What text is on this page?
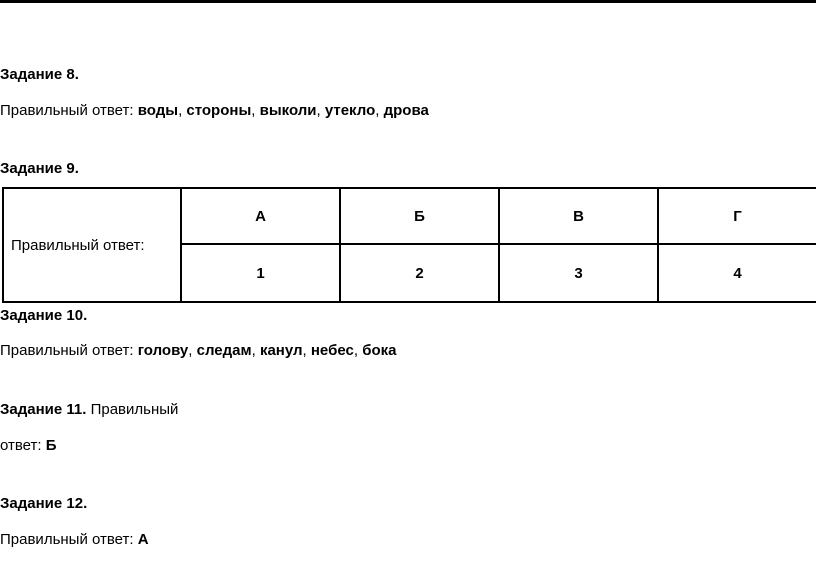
Задание 8.
Правильный ответ: воды, стороны, выколи, утекло, дрова
Задание 9.
Правильный ответ:	А	Б	В	Г
	1	2	3	4
Задание 10.
Правильный ответ: голову, следам, канул, небес, бока
Задание 11. Правильный
ответ: Б
Задание 12.
Правильный ответ: А
